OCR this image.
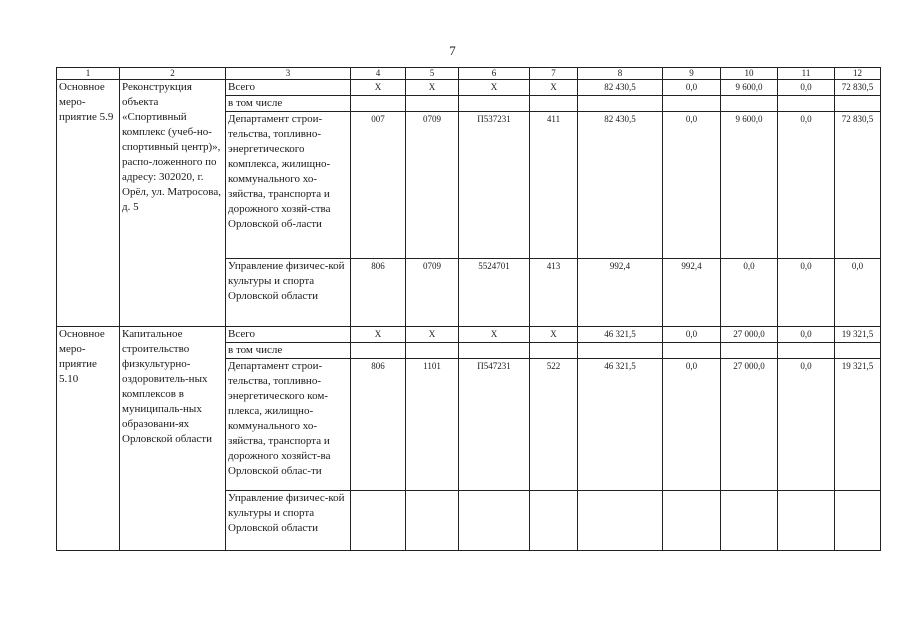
7
1	2	3	4	5	6	7	8	9	10	11	12
Основное меро-приятие 5.9	Реконструкция объекта «Спортивный комплекс (учеб-но-спортивный центр)», распо-ложенного по адресу: 302020, г. Орёл, ул. Матросова, д. 5	Всего	X	X	X	X	82 430,5	0,0	9 600,0	0,0	72 830,5
		в том числе									
		Департамент строи-тельства, топливно-энергетического комплекса, жилищно-коммунального хо-зяйства, транспорта и дорожного хозяй-ства Орловской об-ласти	007	0709	П537231	411	82 430,5	0,0	9 600,0	0,0	72 830,5
		Управление физичес-кой культуры и спорта Орловской области	806	0709	5524701	413	992,4	992,4	0,0	0,0	0,0
Основное меро-приятие 5.10	Капитальное строительство физкультурно-оздоровитель-ных комплексов в муниципаль-ных образовани-ях Орловской области	Всего	X	X	X	X	46 321,5	0,0	27 000,0	0,0	19 321,5
		в том числе									
		Департамент строи-тельства, топливно-энергетического ком-плекса, жилищно-коммунального хо-зяйства, транспорта и дорожного хозяйст-ва Орловской облас-ти	806	1101	П547231	522	46 321,5	0,0	27 000,0	0,0	19 321,5
		Управление физичес-кой культуры и спорта Орловской области									
